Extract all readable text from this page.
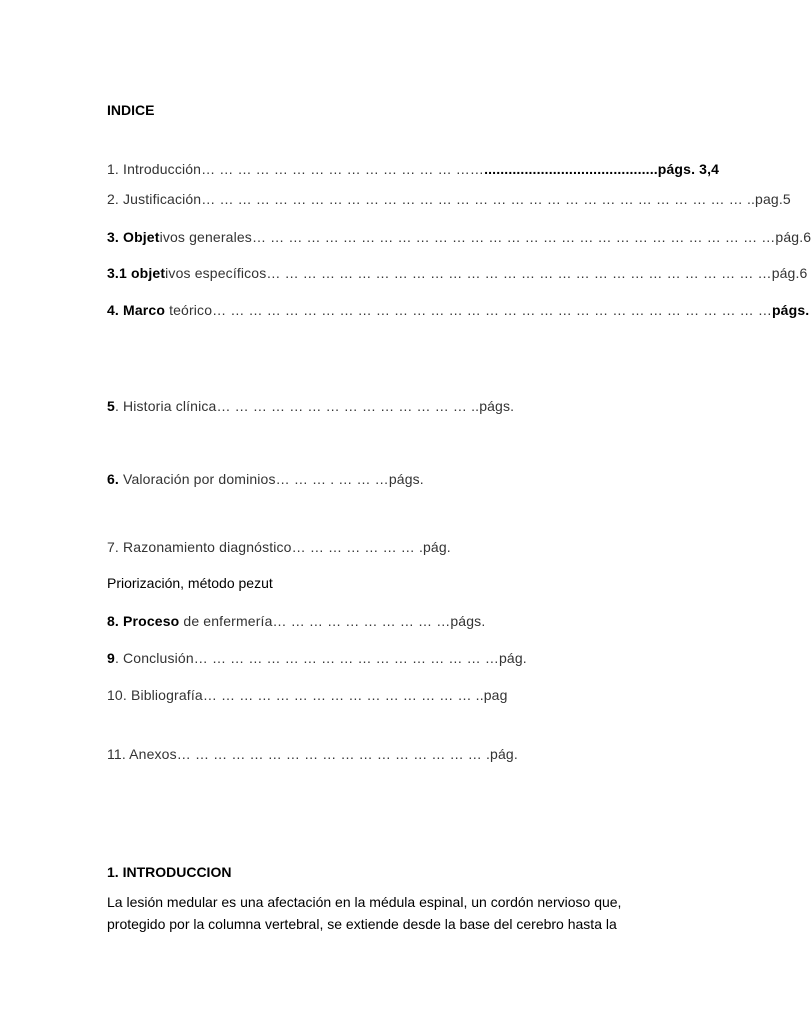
INDICE
1. Introducción… … … … … … … … … … … … … … ……...........................................págs. 3,4
2. Justificación… … … … … … … … … … … … … … … … … … … … … … … … … … … … … … ..pag.5
3. Objetivos generales… … … … … … … … … … … … … … … … … … … … … … … … … … … … …pág.6
3.1 objetivos específicos… … … … … … … … … … … … … … … … … … … … … … … … … … … …pág.6
4. Marco teórico… … … … … … … … … … … … … … … … … … … … … … … … … … … … … … …págs.
5. Historia clínica… … … … … … … … … … … … … … ..págs.
6. Valoración por dominios… … … . … … …págs.
7. Razonamiento diagnóstico… … … … … … … .pág.
Priorización, método pezut
8. Proceso de enfermería… … … … … … … … … …págs.
9. Conclusión… … … … … … … … … … … … … … … … …pág.
10. Bibliografía… … … … … … … … … … … … … … … ..pag
11. Anexos… … … … … … … … … … … … … … … … … .pág.
1. INTRODUCCION
La lesión medular es una afectación en la médula espinal, un cordón nervioso que,
protegido por la columna vertebral, se extiende desde la base del cerebro hasta la
